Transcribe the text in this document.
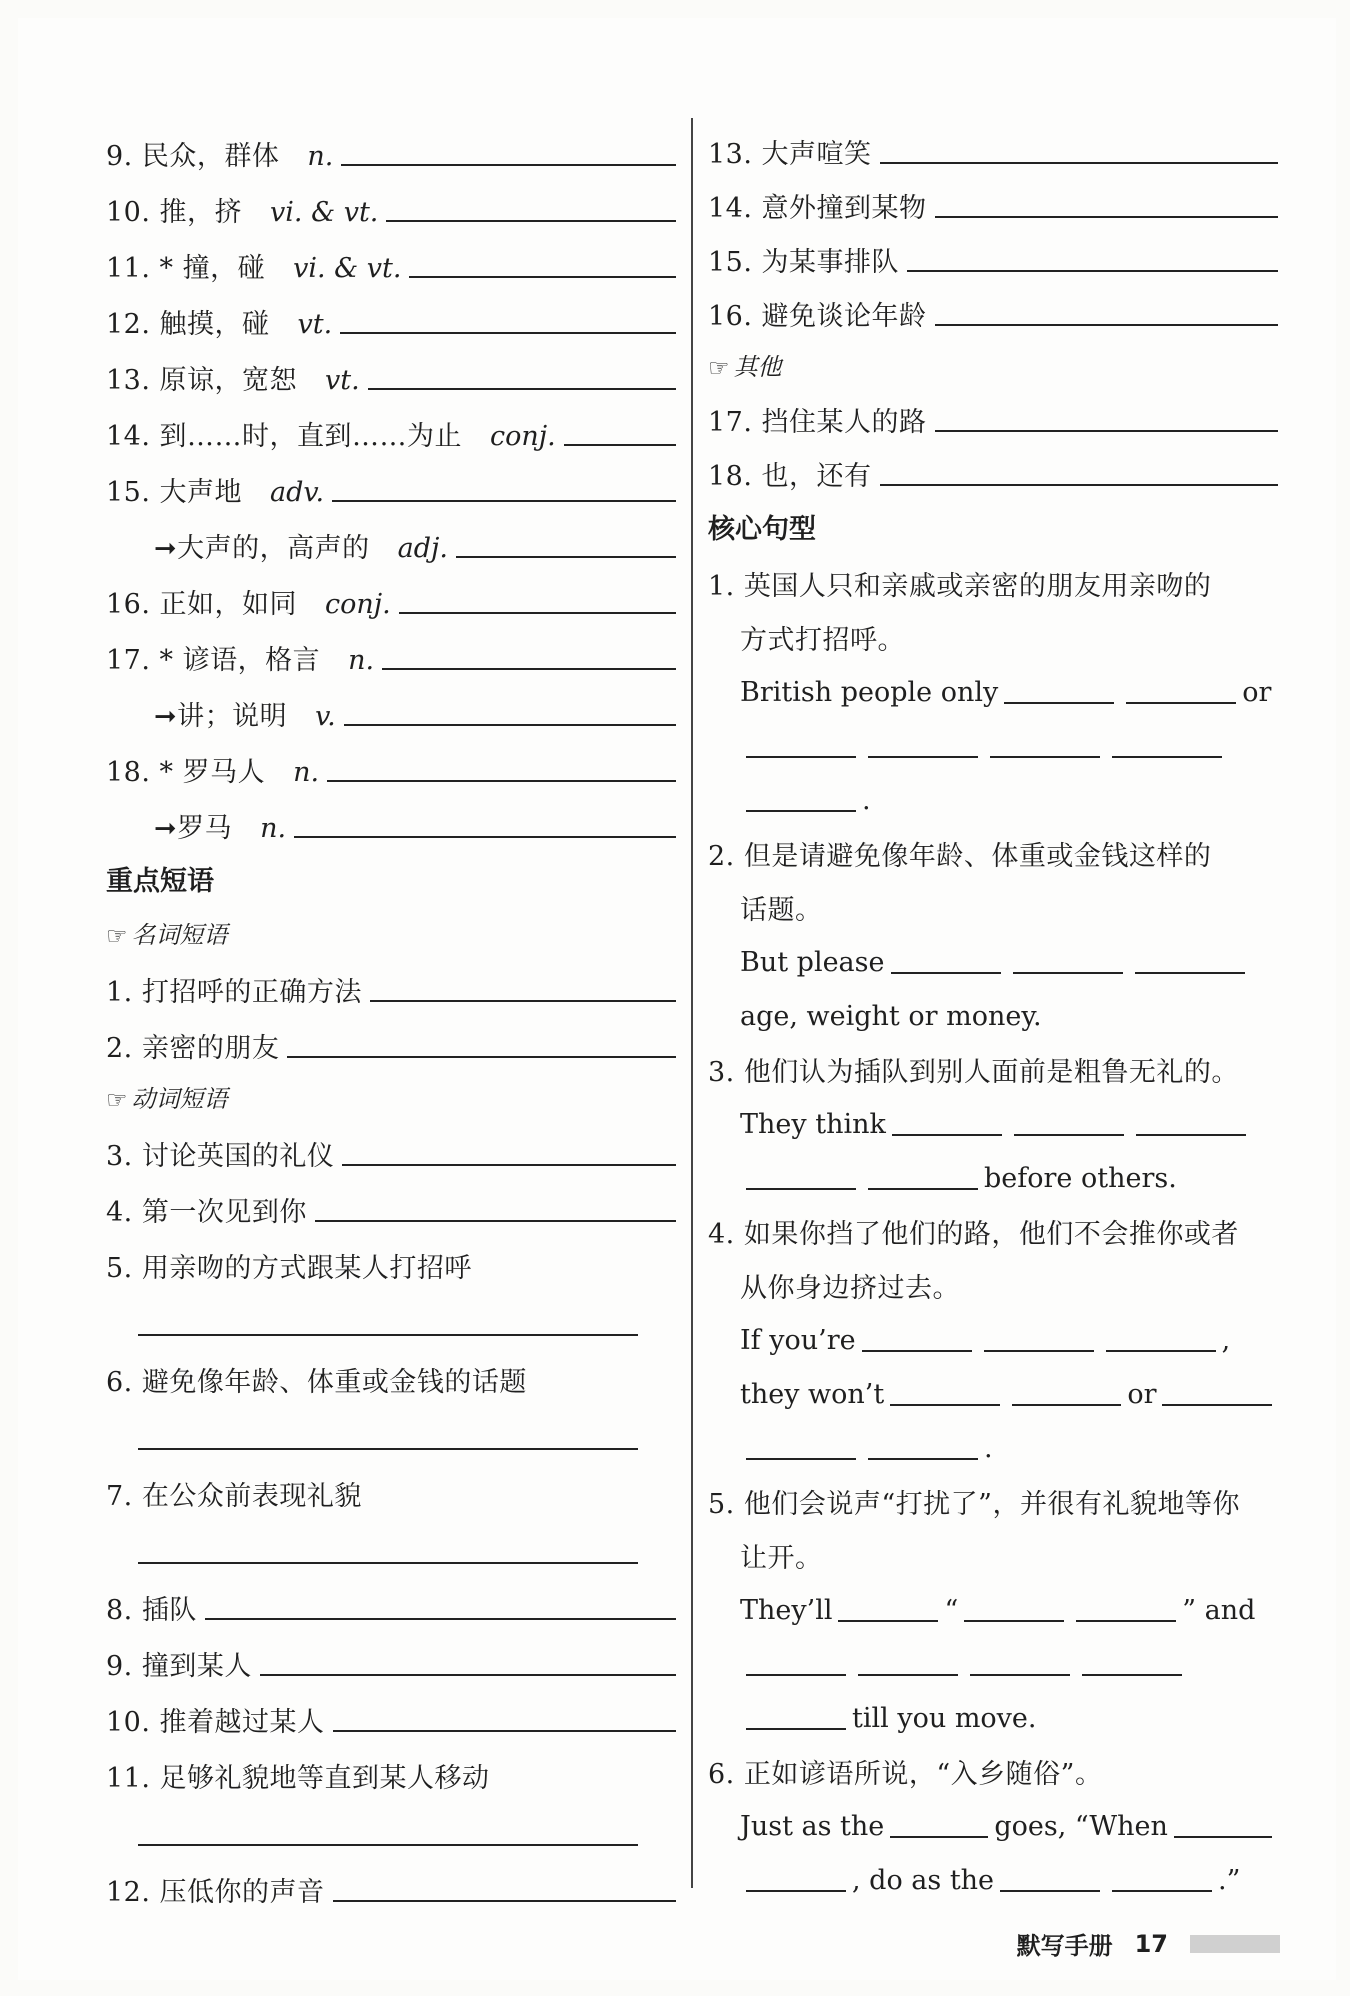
9. 民众，群体 n.
10. 推，挤 vi. & vt.
11. * 撞，碰 vi. & vt.
12. 触摸，碰 vt.
13. 原谅，宽恕 vt.
14. 到……时，直到……为止 conj.
15. 大声地 adv.
➞大声的，高声的 adj.
16. 正如，如同 conj.
17. * 谚语，格言 n.
➞讲；说明 v.
18. * 罗马人 n.
➞罗马 n.
重点短语
☞ 名词短语
1. 打招呼的正确方法
2. 亲密的朋友
☞ 动词短语
3. 讨论英国的礼仪
4. 第一次见到你
5. 用亲吻的方式跟某人打招呼
6. 避免像年龄、体重或金钱的话题
7. 在公众前表现礼貌
8. 插队
9. 撞到某人
10. 推着越过某人
11. 足够礼貌地等直到某人移动
12. 压低你的声音
13. 大声喧笑
14. 意外撞到某物
15. 为某事排队
16. 避免谈论年龄
☞ 其他
17. 挡住某人的路
18. 也，还有
核心句型
1. 英国人只和亲戚或亲密的朋友用亲吻的
方式打招呼。
British people only	or
.
2. 但是请避免像年龄、体重或金钱这样的
话题。
But please
age, weight or money.
3. 他们认为插队到别人面前是粗鲁无礼的。
They think
before others.
4. 如果你挡了他们的路，他们不会推你或者
从你身边挤过去。
If you’re	,
they won’t	or
.
5. 他们会说声“打扰了”，并很有礼貌地等你
让开。
They’ll	“	” and
till you move.
6. 正如谚语所说，“入乡随俗”。
Just as the	goes, “When
, do as the	.”
默写手册 17
